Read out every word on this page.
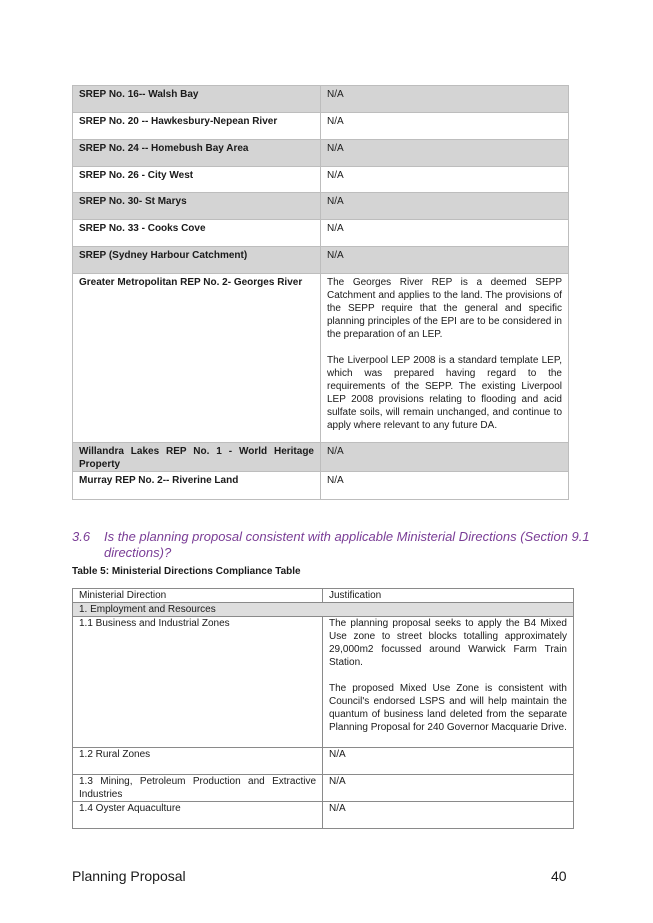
SREP No. 16-- Walsh Bay	N/A
SREP No. 20 -- Hawkesbury-Nepean River	N/A
SREP No. 24 -- Homebush Bay Area	N/A
SREP No. 26 - City West	N/A
SREP No. 30- St Marys	N/A
SREP No. 33 - Cooks Cove	N/A
SREP (Sydney Harbour Catchment)	N/A
Greater Metropolitan REP No. 2- Georges River	The Georges River REP is a deemed SEPP Catchment and applies to the land. The provisions of the SEPP require that the general and specific planning principles of the EPI are to be considered in the preparation of an LEP.

The Liverpool LEP 2008 is a standard template LEP, which was prepared having regard to the requirements of the SEPP. The existing Liverpool LEP 2008 provisions relating to flooding and acid sulfate soils, will remain unchanged, and continue to apply where relevant to any future DA.

Willandra Lakes REP No. 1 - World Heritage Property	N/A
Murray REP No. 2-- Riverine Land	N/A
3.6	Is the planning proposal consistent with applicable Ministerial Directions (Section 9.1 directions)?
Table 5: Ministerial Directions Compliance Table
Ministerial Direction	Justification
1. Employment and Resources	
1.1 Business and Industrial Zones	The planning proposal seeks to apply the B4 Mixed Use zone to street blocks totalling approximately 29,000m2 focussed around Warwick Farm Train Station.

The proposed Mixed Use Zone is consistent with Council's endorsed LSPS and will help maintain the quantum of business land deleted from the separate Planning Proposal for 240 Governor Macquarie Drive.

1.2 Rural Zones	N/A
1.3 Mining, Petroleum Production and Extractive Industries	N/A
1.4 Oyster Aquaculture	N/A
Planning Proposal	40
